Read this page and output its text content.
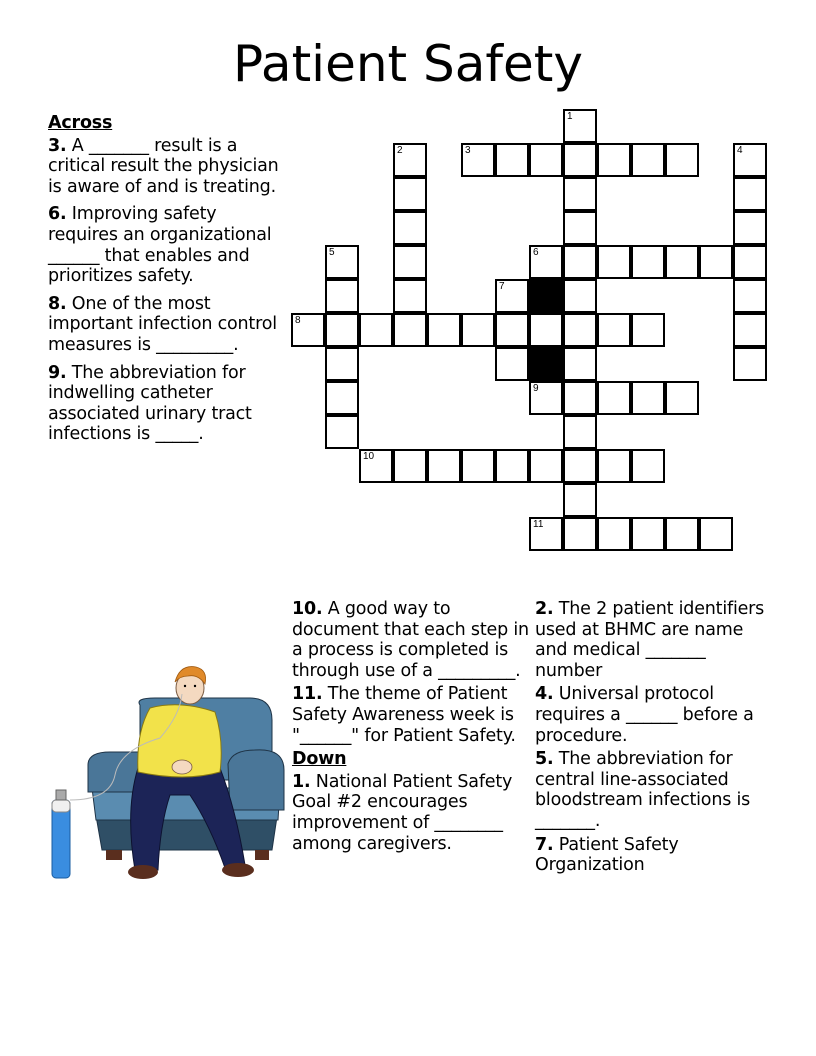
Patient Safety
Across
3. A _______ result is a critical result the physician is aware of and is treating.
6. Improving safety requires an organizational ______ that enables and prioritizes safety.
8. One of the most important infection control measures is _________.
9. The abbreviation for indwelling catheter associated urinary tract infections is _____.
1
2	3	4
5	6
7
8
9
10
11
10. A good way to document that each step in a process is completed is through use of a _________.
11. The theme of Patient Safety Awareness week is "______" for Patient Safety.
Down
1. National Patient Safety Goal #2 encourages improvement of ________ among caregivers.
2. The 2 patient identifiers used at BHMC are name and medical _______ number
4. Universal protocol requires a ______ before a procedure.
5. The abbreviation for central line-associated bloodstream infections is _______.
7. Patient Safety Organization
